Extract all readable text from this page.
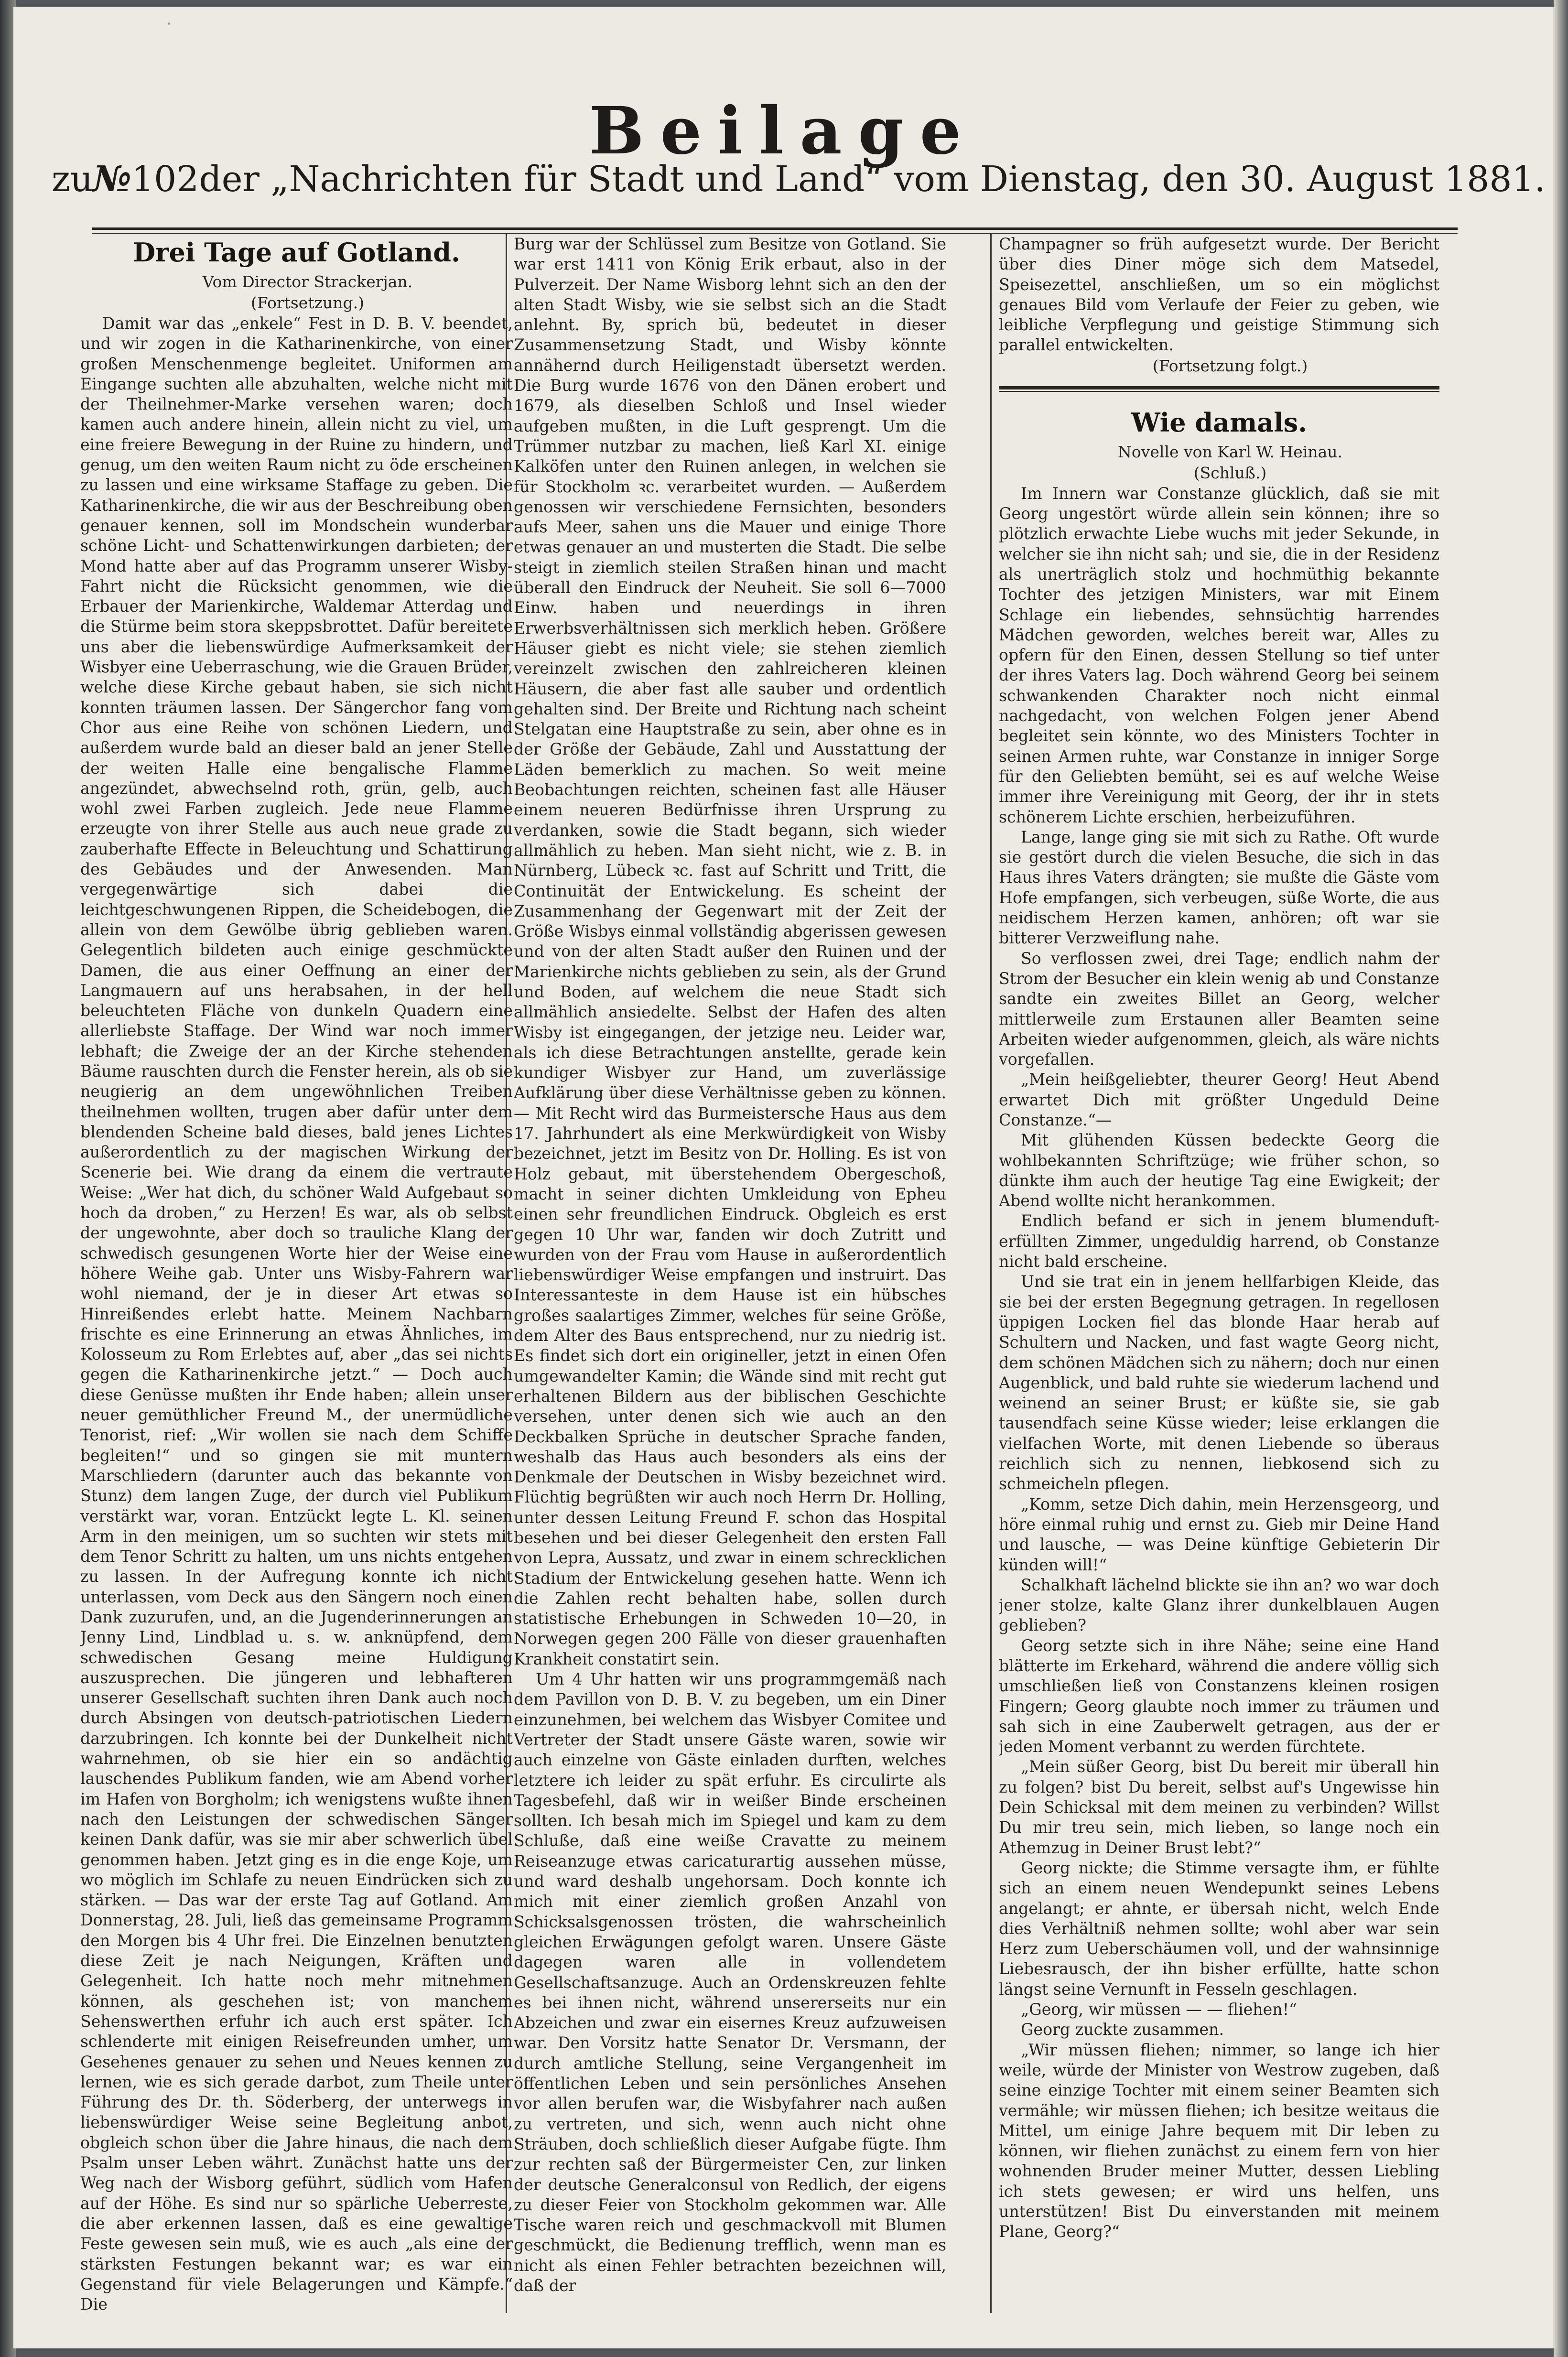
·
Beilage
zu № 102 der „Nachrichten für Stadt und Land“ vom Dienstag, den 30. August 1881.
Drei Tage auf Gotland.

Vom Director Strackerjan.

(Fortsetzung.)

Damit war das „enkele“ Fest in D. B. V. beendet, und wir zogen in die Katharinenkirche, von einer großen Menschenmenge begleitet. Uniformen am Eingange suchten alle abzuhalten, welche nicht mit der Theilnehmer-Marke versehen waren; doch kamen auch andere hinein, allein nicht zu viel, um eine freiere Bewegung in der Ruine zu hindern, und genug, um den weiten Raum nicht zu öde erscheinen zu lassen und eine wirksame Staffage zu geben. Die Katharinenkirche, die wir aus der Beschreibung oben genauer kennen, soll im Mondschein wunderbar schöne Licht- und Schattenwirkungen darbieten; der Mond hatte aber auf das Programm unserer Wisby-Fahrt nicht die Rücksicht genommen, wie die Erbauer der Marienkirche, Waldemar Atterdag und die Stürme beim stora skeppsbrottet. Dafür bereitete uns aber die liebenswürdige Aufmerksamkeit der Wisbyer eine Ueberraschung, wie die Grauen Brüder, welche diese Kirche gebaut haben, sie sich nicht konnten träumen lassen. Der Sängerchor fang vom Chor aus eine Reihe von schönen Liedern, und außerdem wurde bald an dieser bald an jener Stelle der weiten Halle eine bengalische Flamme angezündet, abwechselnd roth, grün, gelb, auch wohl zwei Farben zugleich. Jede neue Flamme erzeugte von ihrer Stelle aus auch neue grade zu zauberhafte Effecte in Beleuchtung und Schattirung des Gebäudes und der Anwesenden. Man vergegenwärtige sich dabei die leichtgeschwungenen Rippen, die Scheidebogen, die allein von dem Gewölbe übrig geblieben waren. Gelegentlich bildeten auch einige geschmückte Damen, die aus einer Oeffnung an einer der Langmauern auf uns herabsahen, in der hell beleuchteten Fläche von dunkeln Quadern eine allerliebste Staffage. Der Wind war noch immer lebhaft; die Zweige der an der Kirche stehenden Bäume rauschten durch die Fenster herein, als ob sie neugierig an dem ungewöhnlichen Treiben theilnehmen wollten, trugen aber dafür unter dem blendenden Scheine bald dieses, bald jenes Lichtes außerordentlich zu der magischen Wirkung der Scenerie bei. Wie drang da einem die vertraute Weise: „Wer hat dich, du schöner Wald Aufgebaut so hoch da droben,“ zu Herzen! Es war, als ob selbst der ungewohnte, aber doch so trauliche Klang der schwedisch gesungenen Worte hier der Weise eine höhere Weihe gab. Unter uns Wisby-Fahrern war wohl niemand, der je in dieser Art etwas so Hinreißendes erlebt hatte. Meinem Nachbarn frischte es eine Erinnerung an etwas Ähnliches, im Kolosseum zu Rom Erlebtes auf, aber „das sei nichts gegen die Katharinenkirche jetzt.“ — Doch auch diese Genüsse mußten ihr Ende haben; allein unser neuer gemüthlicher Freund M., der unermüdliche Tenorist, rief: „Wir wollen sie nach dem Schiffe begleiten!“ und so gingen sie mit muntern Marschliedern (darunter auch das bekannte von Stunz) dem langen Zuge, der durch viel Publikum verstärkt war, voran. Entzückt legte L. Kl. seinen Arm in den meinigen, um so suchten wir stets mit dem Tenor Schritt zu halten, um uns nichts entgehen zu lassen. In der Aufregung konnte ich nicht unterlassen, vom Deck aus den Sängern noch einen Dank zuzurufen, und, an die Jugenderinnerungen an Jenny Lind, Lindblad u. s. w. anknüpfend, dem schwedischen Gesang meine Huldigung auszusprechen. Die jüngeren und lebhafteren unserer Gesellschaft suchten ihren Dank auch noch durch Absingen von deutsch-patriotischen Liedern darzubringen. Ich konnte bei der Dunkelheit nicht wahrnehmen, ob sie hier ein so andächtig lauschendes Publikum fanden, wie am Abend vorher im Hafen von Borgholm; ich wenigstens wußte ihnen nach den Leistungen der schwedischen Sänger keinen Dank dafür, was sie mir aber schwerlich übel genommen haben. Jetzt ging es in die enge Koje, um wo möglich im Schlafe zu neuen Eindrücken sich zu stärken. — Das war der erste Tag auf Gotland. Am Donnerstag, 28. Juli, ließ das gemeinsame Programm den Morgen bis 4 Uhr frei. Die Einzelnen benutzten diese Zeit je nach Neigungen, Kräften und Gelegenheit. Ich hatte noch mehr mitnehmen können, als geschehen ist; von manchem Sehenswerthen erfuhr ich auch erst später. Ich schlenderte mit einigen Reisefreunden umher, um Gesehenes genauer zu sehen und Neues kennen zu lernen, wie es sich gerade darbot, zum Theile unter Führung des Dr. th. Söderberg, der unterwegs in liebenswürdiger Weise seine Begleitung anbot, obgleich schon über die Jahre hinaus, die nach dem Psalm unser Leben währt. Zunächst hatte uns der Weg nach der Wisborg geführt, südlich vom Hafen auf der Höhe. Es sind nur so spärliche Ueberreste, die aber erkennen lassen, daß es eine gewaltige Feste gewesen sein muß, wie es auch „als eine der stärksten Festungen bekannt war; es war ein Gegenstand für viele Belagerungen und Kämpfe.“ Die

Burg war der Schlüssel zum Besitze von Gotland. Sie war erst 1411 von König Erik erbaut, also in der Pulverzeit. Der Name Wisborg lehnt sich an den der alten Stadt Wisby, wie sie selbst sich an die Stadt anlehnt. By, sprich bü, bedeutet in dieser Zusammensetzung Stadt, und Wisby könnte annähernd durch Heiligenstadt übersetzt werden. Die Burg wurde 1676 von den Dänen erobert und 1679, als dieselben Schloß und Insel wieder aufgeben mußten, in die Luft gesprengt. Um die Trümmer nutzbar zu machen, ließ Karl XI. einige Kalköfen unter den Ruinen anlegen, in welchen sie für Stockholm ꝛc. verarbeitet wurden. — Außerdem genossen wir verschiedene Fernsichten, besonders aufs Meer, sahen uns die Mauer und einige Thore etwas genauer an und musterten die Stadt. Die selbe steigt in ziemlich steilen Straßen hinan und macht überall den Eindruck der Neuheit. Sie soll 6—7000 Einw. haben und neuerdings in ihren Erwerbsverhältnissen sich merklich heben. Größere Häuser giebt es nicht viele; sie stehen ziemlich vereinzelt zwischen den zahlreicheren kleinen Häusern, die aber fast alle sauber und ordentlich gehalten sind. Der Breite und Richtung nach scheint Stelgatan eine Hauptstraße zu sein, aber ohne es in der Größe der Gebäude, Zahl und Ausstattung der Läden bemerklich zu machen. So weit meine Beobachtungen reichten, scheinen fast alle Häuser einem neueren Bedürfnisse ihren Ursprung zu verdanken, sowie die Stadt begann, sich wieder allmählich zu heben. Man sieht nicht, wie z. B. in Nürnberg, Lübeck ꝛc. fast auf Schritt und Tritt, die Continuität der Entwickelung. Es scheint der Zusammenhang der Gegenwart mit der Zeit der Größe Wisbys einmal vollständig abgerissen gewesen und von der alten Stadt außer den Ruinen und der Marienkirche nichts geblieben zu sein, als der Grund und Boden, auf welchem die neue Stadt sich allmählich ansiedelte. Selbst der Hafen des alten Wisby ist eingegangen, der jetzige neu. Leider war, als ich diese Betrachtungen anstellte, gerade kein kundiger Wisbyer zur Hand, um zuverlässige Aufklärung über diese Verhältnisse geben zu können. — Mit Recht wird das Burmeistersche Haus aus dem 17. Jahrhundert als eine Merkwürdigkeit von Wisby bezeichnet, jetzt im Besitz von Dr. Holling. Es ist von Holz gebaut, mit überstehendem Obergeschoß, macht in seiner dichten Umkleidung von Epheu einen sehr freundlichen Eindruck. Obgleich es erst gegen 10 Uhr war, fanden wir doch Zutritt und wurden von der Frau vom Hause in außerordentlich liebenswürdiger Weise empfangen und instruirt. Das Interessanteste in dem Hause ist ein hübsches großes saalartiges Zimmer, welches für seine Größe, dem Alter des Baus entsprechend, nur zu niedrig ist. Es findet sich dort ein origineller, jetzt in einen Ofen umgewandelter Kamin; die Wände sind mit recht gut erhaltenen Bildern aus der biblischen Geschichte versehen, unter denen sich wie auch an den Deckbalken Sprüche in deutscher Sprache fanden, weshalb das Haus auch besonders als eins der Denkmale der Deutschen in Wisby bezeichnet wird. Flüchtig begrüßten wir auch noch Herrn Dr. Holling, unter dessen Leitung Freund F. schon das Hospital besehen und bei dieser Gelegenheit den ersten Fall von Lepra, Aussatz, und zwar in einem schrecklichen Stadium der Entwickelung gesehen hatte. Wenn ich die Zahlen recht behalten habe, sollen durch statistische Erhebungen in Schweden 10—20, in Norwegen gegen 200 Fälle von dieser grauenhaften Krankheit constatirt sein.

Um 4 Uhr hatten wir uns programmgemäß nach dem Pavillon von D. B. V. zu begeben, um ein Diner einzunehmen, bei welchem das Wisbyer Comitee und Vertreter der Stadt unsere Gäste waren, sowie wir auch einzelne von Gäste einladen durften, welches letztere ich leider zu spät erfuhr. Es circulirte als Tagesbefehl, daß wir in weißer Binde erscheinen sollten. Ich besah mich im Spiegel und kam zu dem Schluße, daß eine weiße Cravatte zu meinem Reiseanzuge etwas caricaturartig aussehen müsse, und ward deshalb ungehorsam. Doch konnte ich mich mit einer ziemlich großen Anzahl von Schicksalsgenossen trösten, die wahrscheinlich gleichen Erwägungen gefolgt waren. Unsere Gäste dagegen waren alle in vollendetem Gesellschaftsanzuge. Auch an Ordenskreuzen fehlte es bei ihnen nicht, während unsererseits nur ein Abzeichen und zwar ein eisernes Kreuz aufzuweisen war. Den Vorsitz hatte Senator Dr. Versmann, der durch amtliche Stellung, seine Vergangenheit im öffentlichen Leben und sein persönliches Ansehen vor allen berufen war, die Wisbyfahrer nach außen zu vertreten, und sich, wenn auch nicht ohne Sträuben, doch schließlich dieser Aufgabe fügte. Ihm zur rechten saß der Bürgermeister Cen, zur linken der deutsche Generalconsul von Redlich, der eigens zu dieser Feier von Stockholm gekommen war. Alle Tische waren reich und geschmackvoll mit Blumen geschmückt, die Bedienung trefflich, wenn man es nicht als einen Fehler betrachten bezeichnen will, daß der

Champagner so früh aufgesetzt wurde. Der Bericht über dies Diner möge sich dem Matsedel, Speisezettel, anschließen, um so ein möglichst genaues Bild vom Verlaufe der Feier zu geben, wie leibliche Verpflegung und geistige Stimmung sich parallel entwickelten.

(Fortsetzung folgt.)

Wie damals.

Novelle von Karl W. Heinau.

(Schluß.)

Im Innern war Constanze glücklich, daß sie mit Georg ungestört würde allein sein können; ihre so plötzlich erwachte Liebe wuchs mit jeder Sekunde, in welcher sie ihn nicht sah; und sie, die in der Residenz als unerträglich stolz und hochmüthig bekannte Tochter des jetzigen Ministers, war mit Einem Schlage ein liebendes, sehnsüchtig harrendes Mädchen geworden, welches bereit war, Alles zu opfern für den Einen, dessen Stellung so tief unter der ihres Vaters lag. Doch während Georg bei seinem schwankenden Charakter noch nicht einmal nachgedacht, von welchen Folgen jener Abend begleitet sein könnte, wo des Ministers Tochter in seinen Armen ruhte, war Constanze in inniger Sorge für den Geliebten bemüht, sei es auf welche Weise immer ihre Vereinigung mit Georg, der ihr in stets schönerem Lichte erschien, herbeizuführen.

Lange, lange ging sie mit sich zu Rathe. Oft wurde sie gestört durch die vielen Besuche, die sich in das Haus ihres Vaters drängten; sie mußte die Gäste vom Hofe empfangen, sich verbeugen, süße Worte, die aus neidischem Herzen kamen, anhören; oft war sie bitterer Verzweiflung nahe.

So verflossen zwei, drei Tage; endlich nahm der Strom der Besucher ein klein wenig ab und Constanze sandte ein zweites Billet an Georg, welcher mittlerweile zum Erstaunen aller Beamten seine Arbeiten wieder aufgenommen, gleich, als wäre nichts vorgefallen.

„Mein heißgeliebter, theurer Georg! Heut Abend erwartet Dich mit größter Ungeduld Deine Constanze.“—

Mit glühenden Küssen bedeckte Georg die wohlbekannten Schriftzüge; wie früher schon, so dünkte ihm auch der heutige Tag eine Ewigkeit; der Abend wollte nicht herankommen.

Endlich befand er sich in jenem blumenduft-erfüllten Zimmer, ungeduldig harrend, ob Constanze nicht bald erscheine.

Und sie trat ein in jenem hellfarbigen Kleide, das sie bei der ersten Begegnung getragen. In regellosen üppigen Locken fiel das blonde Haar herab auf Schultern und Nacken, und fast wagte Georg nicht, dem schönen Mädchen sich zu nähern; doch nur einen Augenblick, und bald ruhte sie wiederum lachend und weinend an seiner Brust; er küßte sie, sie gab tausendfach seine Küsse wieder; leise erklangen die vielfachen Worte, mit denen Liebende so überaus reichlich sich zu nennen, liebkosend sich zu schmeicheln pflegen.

„Komm, setze Dich dahin, mein Herzensgeorg, und höre einmal ruhig und ernst zu. Gieb mir Deine Hand und lausche, — was Deine künftige Gebieterin Dir künden will!“

Schalkhaft lächelnd blickte sie ihn an? wo war doch jener stolze, kalte Glanz ihrer dunkelblauen Augen geblieben?

Georg setzte sich in ihre Nähe; seine eine Hand blätterte im Erkehard, während die andere völlig sich umschließen ließ von Constanzens kleinen rosigen Fingern; Georg glaubte noch immer zu träumen und sah sich in eine Zauberwelt getragen, aus der er jeden Moment verbannt zu werden fürchtete.

„Mein süßer Georg, bist Du bereit mir überall hin zu folgen? bist Du bereit, selbst auf's Ungewisse hin Dein Schicksal mit dem meinen zu verbinden? Willst Du mir treu sein, mich lieben, so lange noch ein Athemzug in Deiner Brust lebt?“

Georg nickte; die Stimme versagte ihm, er fühlte sich an einem neuen Wendepunkt seines Lebens angelangt; er ahnte, er übersah nicht, welch Ende dies Verhältniß nehmen sollte; wohl aber war sein Herz zum Ueberschäumen voll, und der wahnsinnige Liebesrausch, der ihn bisher erfüllte, hatte schon längst seine Vernunft in Fesseln geschlagen.

„Georg, wir müssen — — fliehen!“

Georg zuckte zusammen.

„Wir müssen fliehen; nimmer, so lange ich hier weile, würde der Minister von Westrow zugeben, daß seine einzige Tochter mit einem seiner Beamten sich vermähle; wir müssen fliehen; ich besitze weitaus die Mittel, um einige Jahre bequem mit Dir leben zu können, wir fliehen zunächst zu einem fern von hier wohnenden Bruder meiner Mutter, dessen Liebling ich stets gewesen; er wird uns helfen, uns unterstützen! Bist Du einverstanden mit meinem Plane, Georg?“
